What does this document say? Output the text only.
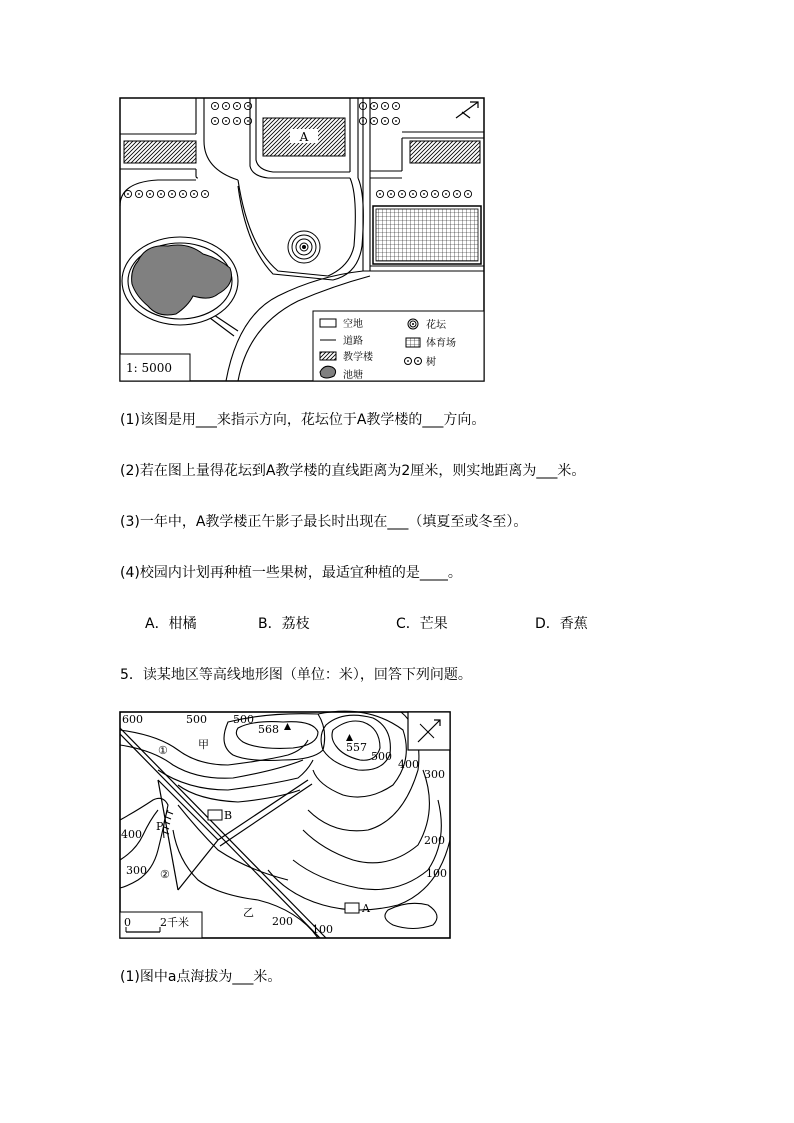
A
1: 5000
空地
道路
教学楼
池塘
花坛
体育场
树
(1)该图是用___来指示方向，花坛位于A教学楼的___方向。
(2)若在图上量得花坛到A教学楼的直线距离为2厘米，则实地距离为___米。
(3)一年中，A教学楼正午影子最长时出现在___（填夏至或冬至）。
(4)校园内计划再种植一些果树，最适宜种植的是____。
A．柑橘	B．荔枝	C．芒果	D．香蕉
5．读某地区等高线地形图（单位：米），回答下列问题。
600	500 500
568
557
500
400
300
400
300
200
100
200
100
①
②
甲
乙
P
B
A
0	2千米
(1)图中a点海拔为___米。
